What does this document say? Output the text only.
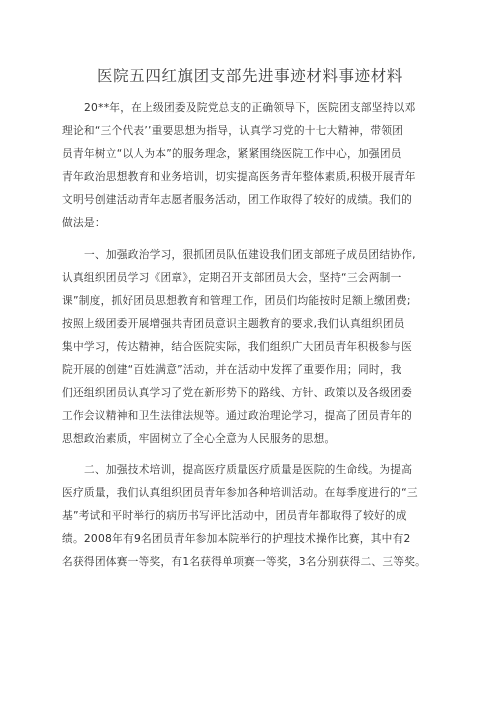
医院五四红旗团支部先进事迹材料事迹材料
20**年，在上级团委及院党总支的正确领导下，医院团支部坚持以邓
理论和“三个代表’’重要思想为指导，认真学习党的十七大精神，带领团
员青年树立“以人为本”的服务理念，紧紧围绕医院工作中心，加强团员
青年政治思想教育和业务培训，切实提高医务青年整体素质,积极开展青年
文明号创建活动青年志愿者服务活动，团工作取得了较好的成绩。我们的
做法是：
一、加强政治学习，狠抓团员队伍建设我们团支部班子成员团结协作,
认真组织团员学习《团章》，定期召开支部团员大会，坚持“三会两制一
课”制度，抓好团员思想教育和管理工作，团员们均能按时足额上缴团费;
按照上级团委开展增强共青团员意识主题教育的要求,我们认真组织团员
集中学习，传达精神，结合医院实际，我们组织广大团员青年积极参与医
院开展的创建“百姓满意”活动，并在活动中发挥了重要作用；同时，我
们还组织团员认真学习了党在新形势下的路线、方针、政策以及各级团委
工作会议精神和卫生法律法规等。通过政治理论学习，提高了团员青年的
思想政治素质，牢固树立了全心全意为人民服务的思想。
二、加强技术培训，提高医疗质量医疗质量是医院的生命线。为提高
医疗质量，我们认真组织团员青年参加各种培训活动。在每季度进行的“三
基”考试和平时举行的病历书写评比活动中，团员青年都取得了较好的成
绩。2008年有9名团员青年参加本院举行的护理技术操作比赛，其中有2
名获得团体赛一等奖，有1名获得单项赛一等奖，3名分别获得二、三等奖。
